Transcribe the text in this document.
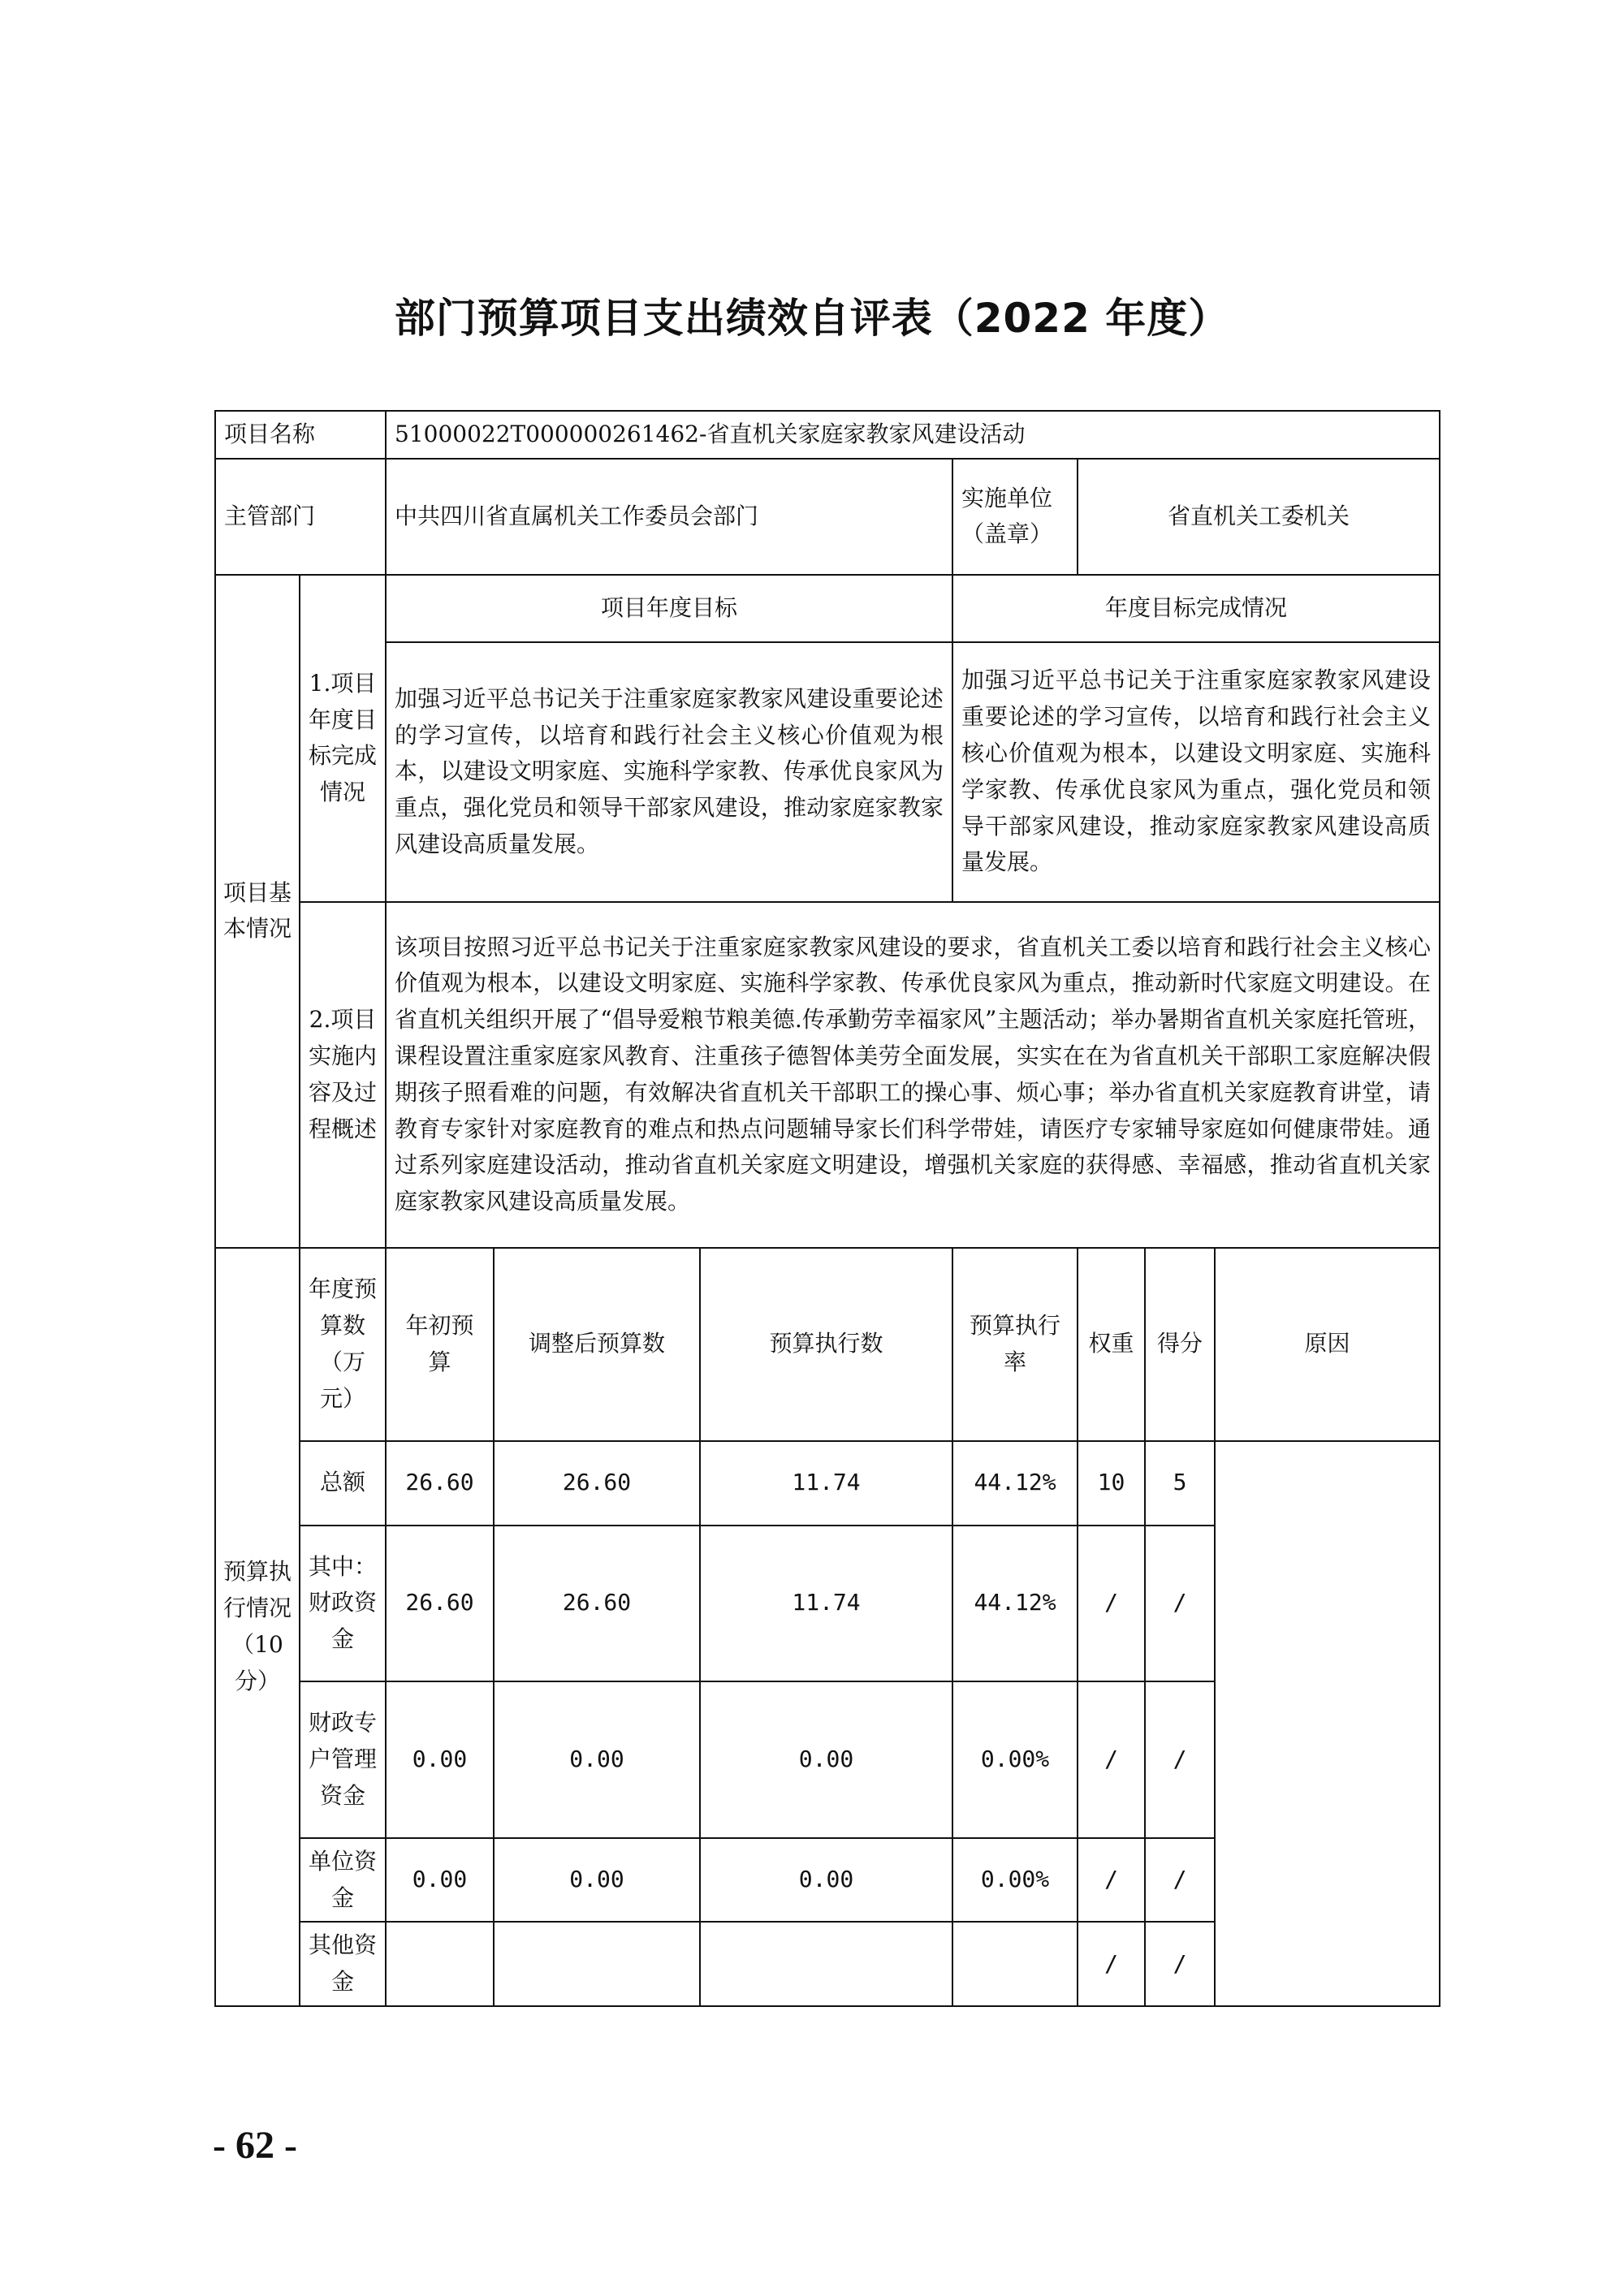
部门预算项目支出绩效自评表（2022 年度）
项目名称		51000022T000000261462-省直机关家庭家教家风建设活动						
主管部门		中共四川省直属机关工作委员会部门			实施单位（盖章）	省直机关工委机关		
项目基本情况	1.项目年度目标完成情况	项目年度目标			年度目标完成情况			
		加强习近平总书记关于注重家庭家教家风建设重要论述的学习宣传，以培育和践行社会主义核心价值观为根本，以建设文明家庭、实施科学家教、传承优良家风为重点，强化党员和领导干部家风建设，推动家庭家教家风建设高质量发展。			加强习近平总书记关于注重家庭家教家风建设重要论述的学习宣传，以培育和践行社会主义核心价值观为根本，以建设文明家庭、实施科学家教、传承优良家风为重点，强化党员和领导干部家风建设，推动家庭家教家风建设高质量发展。			
	2.项目实施内容及过程概述	该项目按照习近平总书记关于注重家庭家教家风建设的要求，省直机关工委以培育和践行社会主义核心价值观为根本，以建设文明家庭、实施科学家教、传承优良家风为重点，推动新时代家庭文明建设。在省直机关组织开展了“倡导爱粮节粮美德.传承勤劳幸福家风”主题活动；举办暑期省直机关家庭托管班，课程设置注重家庭家风教育、注重孩子德智体美劳全面发展，实实在在为省直机关干部职工家庭解决假期孩子照看难的问题，有效解决省直机关干部职工的操心事、烦心事；举办省直机关家庭教育讲堂，请教育专家针对家庭教育的难点和热点问题辅导家长们科学带娃，请医疗专家辅导家庭如何健康带娃。通过系列家庭建设活动，推动省直机关家庭文明建设，增强机关家庭的获得感、幸福感，推动省直机关家庭家教家风建设高质量发展。						
预算执行情况（10分）	年度预算数（万元）	年初预算	调整后预算数	预算执行数	预算执行率	权重	得分	原因
	总额	26.60	26.60	11.74	44.12%	10	5	
	其中：财政资金	26.60	26.60	11.74	44.12%	/	/	
	财政专户管理资金	0.00	0.00	0.00	0.00%	/	/	
	单位资金	0.00	0.00	0.00	0.00%	/	/	
	其他资金					/	/	
- 62 -
